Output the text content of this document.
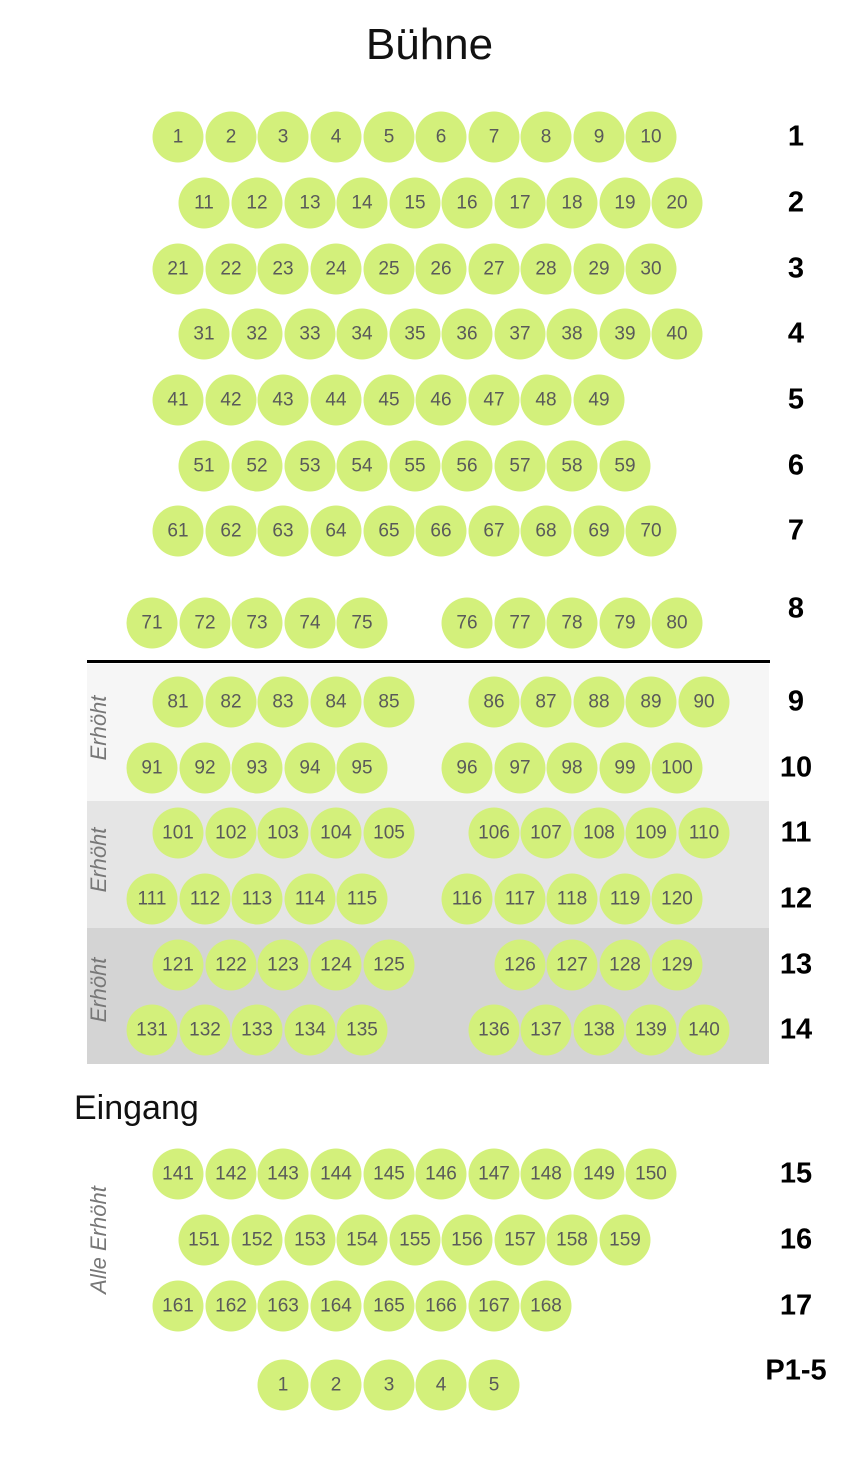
Bühne
Erhöht
Erhöht
Erhöht
Alle Erhöht
Eingang
1	2	3	4	5	6	7	8	9	10	1
11	12	13	14	15	16	17	18	19	20	2
21	22	23	24	25	26	27	28	29	30	3
31	32	33	34	35	36	37	38	39	40	4
41	42	43	44	45	46	47	48	49	5
51	52	53	54	55	56	57	58	59	6
61	62	63	64	65	66	67	68	69	70	7
71	72	73	74	75	76	77	78	79	80	8
81	82	83	84	85	86	87	88	89	90	9
91	92	93	94	95	96	97	98	99	100	10
101	102	103	104	105	106	107	108	109	110	11
111	112	113	114	115	116	117	118	119	120	12
121	122	123	124	125	126	127	128	129	13
131	132	133	134	135	136	137	138	139	140	14
141	142	143	144	145	146	147	148	149	150	15
151	152	153	154	155	156	157	158	159	16
161	162	163	164	165	166	167	168	17
1	2	3	4	5	P1-5
